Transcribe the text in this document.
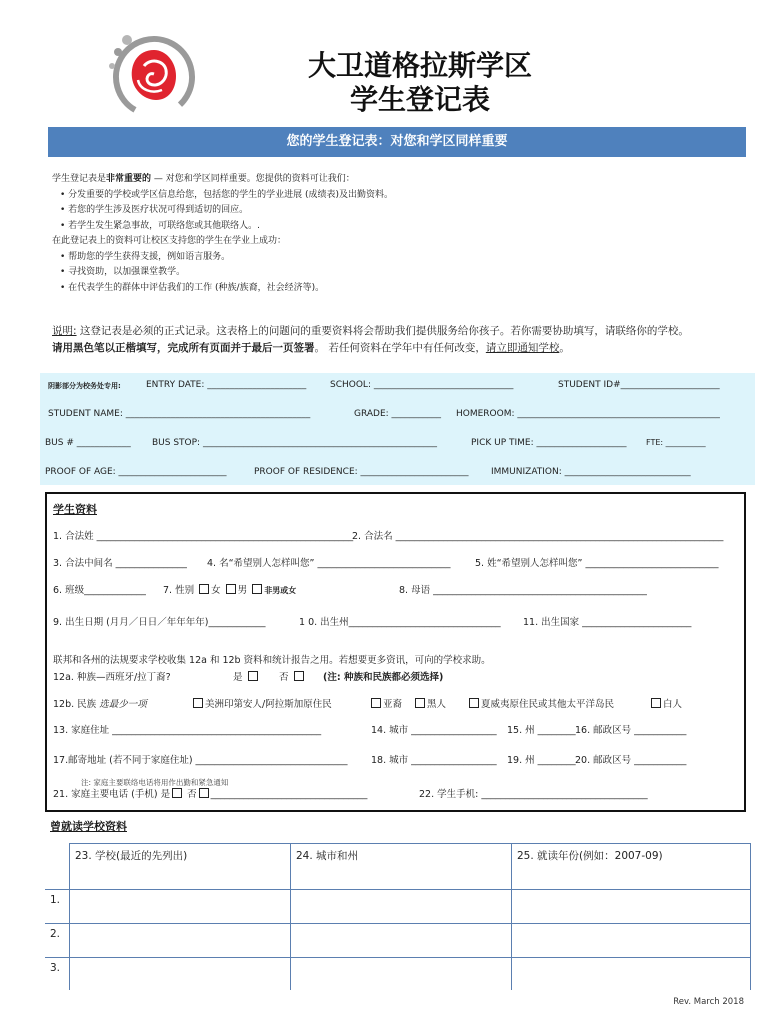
大卫道格拉斯学区
学生登记表
您的学生登记表：对您和学区同样重要
学生登记表是非常重要的 — 对您和学区同样重要。您提供的资料可让我们：
• 分发重要的学校或学区信息给您，包括您的学生的学业进展 (成绩表)及出勤资料。
• 若您的学生涉及医疗状况可得到适切的回应。
• 若学生发生紧急事故，可联络您或其他联络人。.
在此登记表上的资料可让校区支持您的学生在学业上成功：
• 帮助您的学生获得支援，例如语言服务。
• 寻找资助，以加强课堂教学。
• 在代表学生的群体中评估我们的工作 (种族/族裔，社会经济等)。
说明: 这登记表是必须的正式记录。这表格上的问题问的重要资料将会帮助我们提供服务给你孩子。若你需要协助填写，请联络你的学校。
请用黑色笔以正楷填写，完成所有页面并于最后一页签署。 若任何资料在学年中有任何改变，请立即通知学校。
阴影部分为校务处专用:	ENTRY DATE: ______________________	SCHOOL: _______________________________	STUDENT ID#______________________
STUDENT NAME: _________________________________________	GRADE: ___________ HOMEROOM: _____________________________________________
BUS # ____________ BUS STOP: ____________________________________________________	PICK UP TIME: ____________________ FTE: __________
PROOF OF AGE: ________________________	PROOF OF RESIDENCE: ________________________ IMMUNIZATION: ____________________________
学生资料
1. 合法姓 ______________________________________________________
2. 合法名 _____________________________________________________________________
3. 合法中间名 _______________ 4. 名“希望别人怎样叫您” ____________________________	5. 姓“希望别人怎样叫您” ____________________________
6. 班级_____________ 7. 性别 女 男 非男或女	8. 母语 _____________________________________________
9. 出生日期 (月月／日日／年年年年)____________	1 0. 出生州________________________________ 11. 出生国家 _______________________
联邦和各州的法规要求学校收集 12a 和 12b 资料和统计报告之用。若想要更多资讯，可向的学校求助。
12a. 种族—西班牙/拉丁裔?	是	否	(注: 种族和民族都必须选择)
12b. 民族 选最少一项	美洲印第安人/阿拉斯加原住民	亚裔	黑人	夏威夷原住民或其他太平洋岛民	白人
13. 家庭住址 ____________________________________________	14. 城市 __________________ 15. 州 ________ 16. 邮政区号 ___________
17.邮寄地址 (若不同于家庭住址) ________________________________ 18. 城市 __________________ 19. 州 ________ 20. 邮政区号 ___________
注: 家庭主要联络电话将用作出勤和紧急通知
21. 家庭主要电话 (手机) 是 否 _________________________________	22. 学生手机: ___________________________________
曾就读学校资料
	23. 学校(最近的先列出)	24. 城市和州	25. 就读年份(例如：2007-09)
1.			
2.			
3.			
Rev. March 2018
